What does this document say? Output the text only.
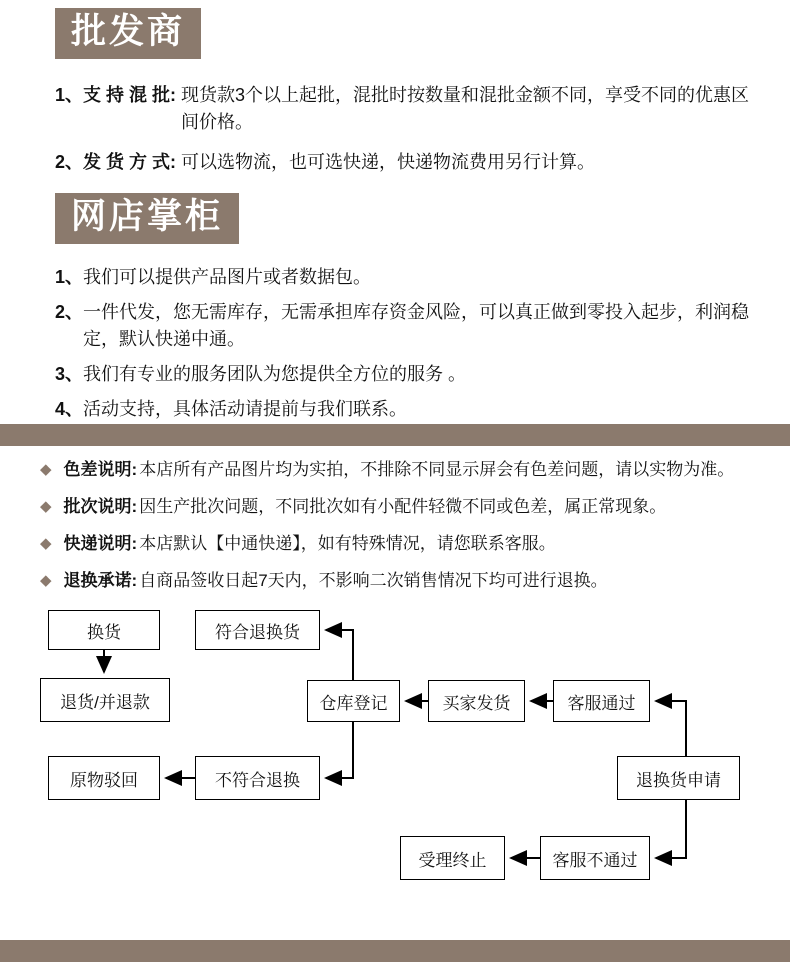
批发商
1、支 持 混 批: 现货款3个以上起批，混批时按数量和混批金额不同，享受不同的优惠区间价格。
2、发 货 方 式: 可以选物流，也可选快递，快递物流费用另行计算。
网店掌柜
1、 我们可以提供产品图片或者数据包。
2、 一件代发，您无需库存，无需承担库存资金风险，可以真正做到零投入起步，利润稳定，默认快递中通。
3、 我们有专业的服务团队为您提供全方位的服务 。
4、 活动支持，具体活动请提前与我们联系。
◆ 色差说明: 本店所有产品图片均为实拍，不排除不同显示屏会有色差问题，请以实物为准。
◆ 批次说明: 因生产批次问题，不同批次如有小配件轻微不同或色差，属正常现象。
◆ 快递说明: 本店默认【中通快递】，如有特殊情况，请您联系客服。
◆ 退换承诺: 自商品签收日起7天内，不影响二次销售情况下均可进行退换。
换货	符合退换货
退货/并退款	仓库登记	买家发货	客服通过
原物驳回	不符合退换	退换货申请
受理终止	客服不通过
